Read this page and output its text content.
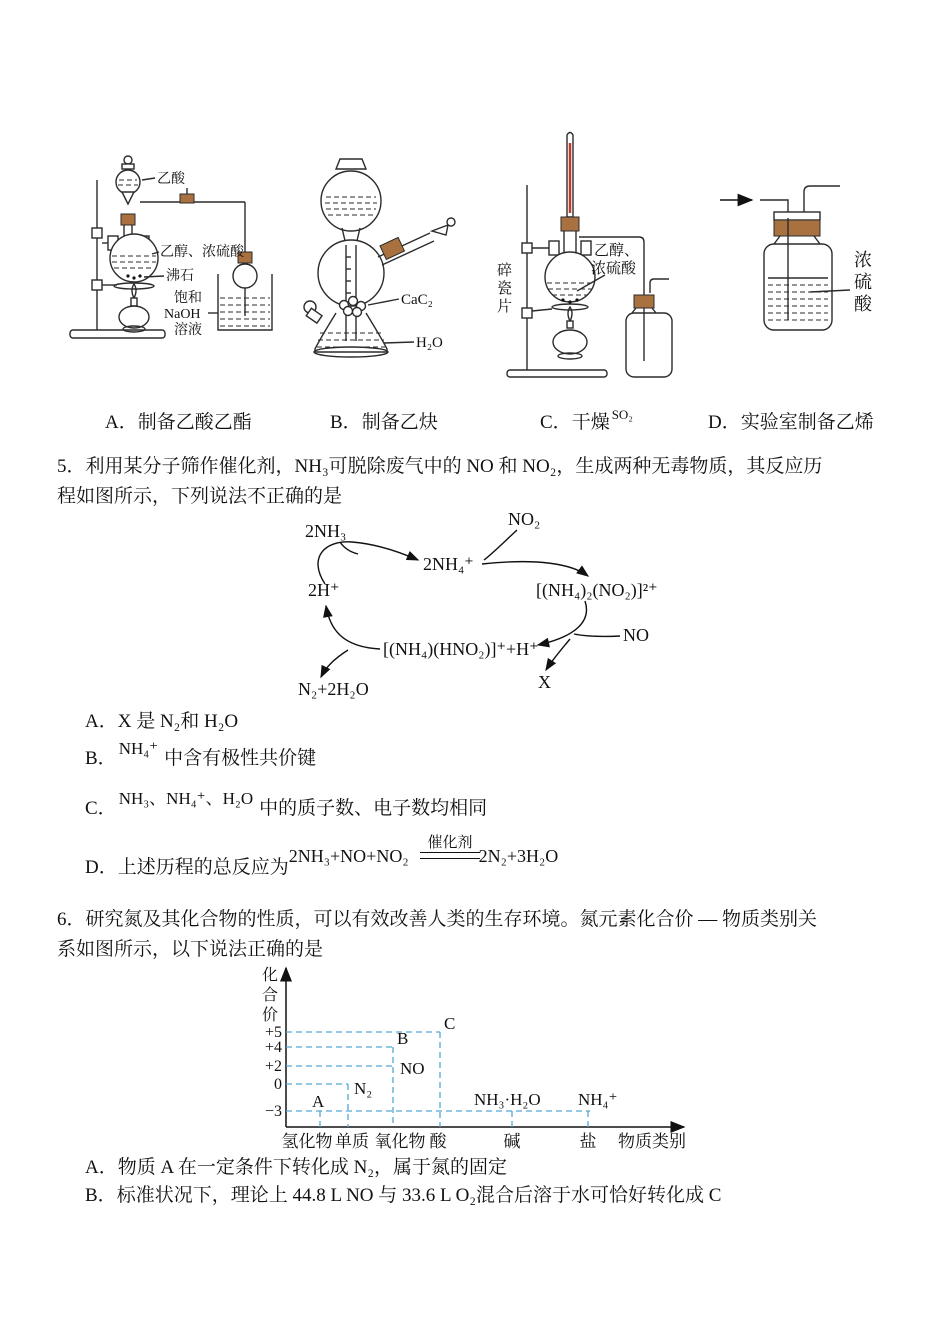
乙酸
乙醇、浓硫酸
沸石
饱和
NaOH
溶液
CaC₂
H₂O
碎
瓷
片
乙醇、
浓硫酸	浓
硫
酸
A．制备乙酸乙酯	B．制备乙炔	C．干燥 $^{SO_2}$	D．实验室制备乙烯
5．利用某分子筛作催化剂，NH₃可脱除废气中的 NO 和 NO₂，生成两种无毒物质，其反应历
程如图所示，下列说法不正确的是
2NH₃
NO₂
2NH₄⁺
[(NH₄)₂(NO₂)]²⁺
2H⁺
NO
[(NH₄)(HNO₂)]⁺+H⁺
X
N₂+2H₂O
A．X 是 N₂和 H₂O
B． NH₄⁺ 中含有极性共价键
C． NH₃、NH₄⁺、H₂O 中的质子数、电子数均相同
D．上述历程的总反应为2NH₃+NO+NO₂
催化剂
2N₂+3H₂O
6．研究氮及其化合物的性质，可以有效改善人类的生存环境。氮元素化合价 — 物质类别关
系如图所示，以下说法正确的是
化
合
价
+5
+4
+2
0
−3
A
N₂
NO
B
C
NH₃·H₂O NH₄⁺
氢化物 单质 氧化物 酸	碱	盐 物质类别
A．物质 A 在一定条件下转化成 N₂，属于氮的固定
B．标准状况下，理论上 44.8 L NO 与 33.6 L O₂混合后溶于水可恰好转化成 C
